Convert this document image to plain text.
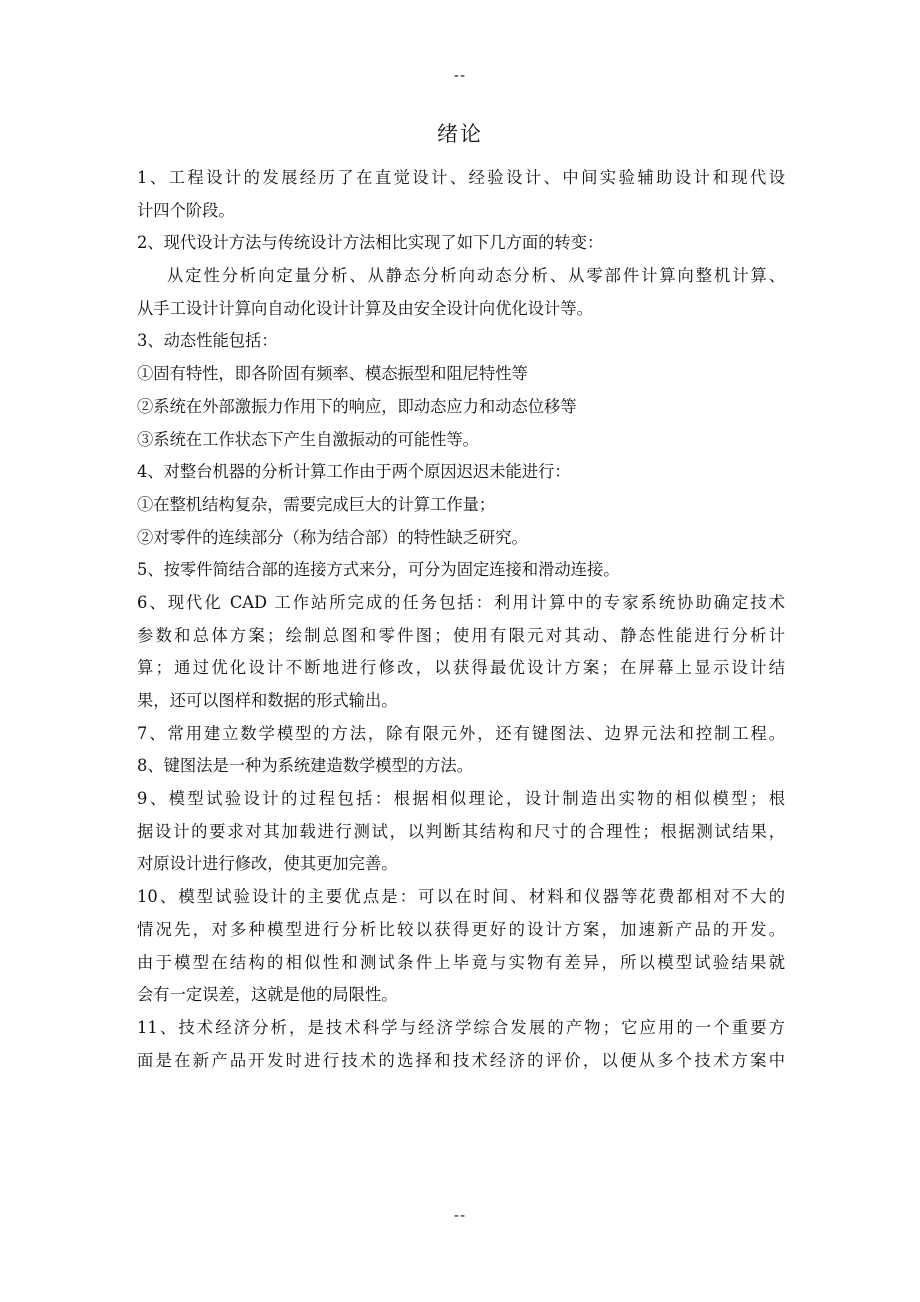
--
绪论
1、工程设计的发展经历了在直觉设计、经验设计、中间实验辅助设计和现代设
计四个阶段。
2、现代设计方法与传统设计方法相比实现了如下几方面的转变：
从定性分析向定量分析、从静态分析向动态分析、从零部件计算向整机计算、
从手工设计计算向自动化设计计算及由安全设计向优化设计等。
3、动态性能包括：
①固有特性，即各阶固有频率、模态振型和阻尼特性等
②系统在外部激振力作用下的响应，即动态应力和动态位移等
③系统在工作状态下产生自激振动的可能性等。
4、对整台机器的分析计算工作由于两个原因迟迟未能进行：
①在整机结构复杂，需要完成巨大的计算工作量；
②对零件的连续部分（称为结合部）的特性缺乏研究。
5、按零件简结合部的连接方式来分，可分为固定连接和滑动连接。
6、现代化 CAD 工作站所完成的任务包括：利用计算中的专家系统协助确定技术
参数和总体方案；绘制总图和零件图；使用有限元对其动、静态性能进行分析计
算；通过优化设计不断地进行修改，以获得最优设计方案；在屏幕上显示设计结
果，还可以图样和数据的形式输出。
7、常用建立数学模型的方法，除有限元外，还有键图法、边界元法和控制工程。
8、键图法是一种为系统建造数学模型的方法。
9、模型试验设计的过程包括：根据相似理论，设计制造出实物的相似模型；根
据设计的要求对其加载进行测试，以判断其结构和尺寸的合理性；根据测试结果，
对原设计进行修改，使其更加完善。
10、模型试验设计的主要优点是：可以在时间、材料和仪器等花费都相对不大的
情况先，对多种模型进行分析比较以获得更好的设计方案，加速新产品的开发。
由于模型在结构的相似性和测试条件上毕竟与实物有差异，所以模型试验结果就
会有一定误差，这就是他的局限性。
11、技术经济分析，是技术科学与经济学综合发展的产物；它应用的一个重要方
面是在新产品开发时进行技术的选择和技术经济的评价，以便从多个技术方案中
--
